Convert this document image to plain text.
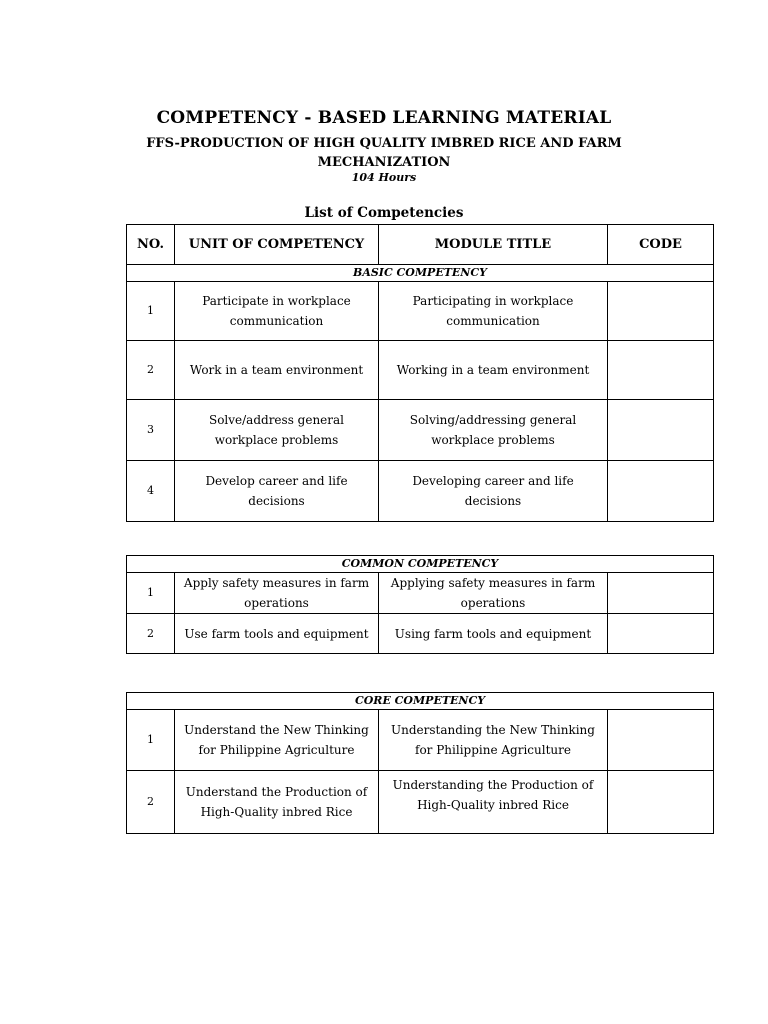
COMPETENCY - BASED LEARNING MATERIAL
FFS-PRODUCTION OF HIGH QUALITY IMBRED RICE AND FARM MECHANIZATION
104 Hours
List of Competencies
NO.	UNIT OF COMPETENCY	MODULE TITLE	CODE
BASIC COMPETENCY			
1	Participate in workplace communication	Participating in workplace communication	
2	Work in a team environment	Working in a team environment	
3	Solve/address general workplace problems	Solving/addressing general workplace problems	
4	Develop career and life decisions	Developing career and life decisions	
COMMON COMPETENCY			
1	Apply safety measures in farm operations	Applying safety measures in farm operations	
2	Use farm tools and equipment	Using farm tools and equipment	
CORE COMPETENCY			
1	Understand the New Thinking for Philippine Agriculture	Understanding the New Thinking for Philippine Agriculture	
2	Understand the Production of High-Quality inbred Rice	Understanding the Production of High-Quality inbred Rice	
